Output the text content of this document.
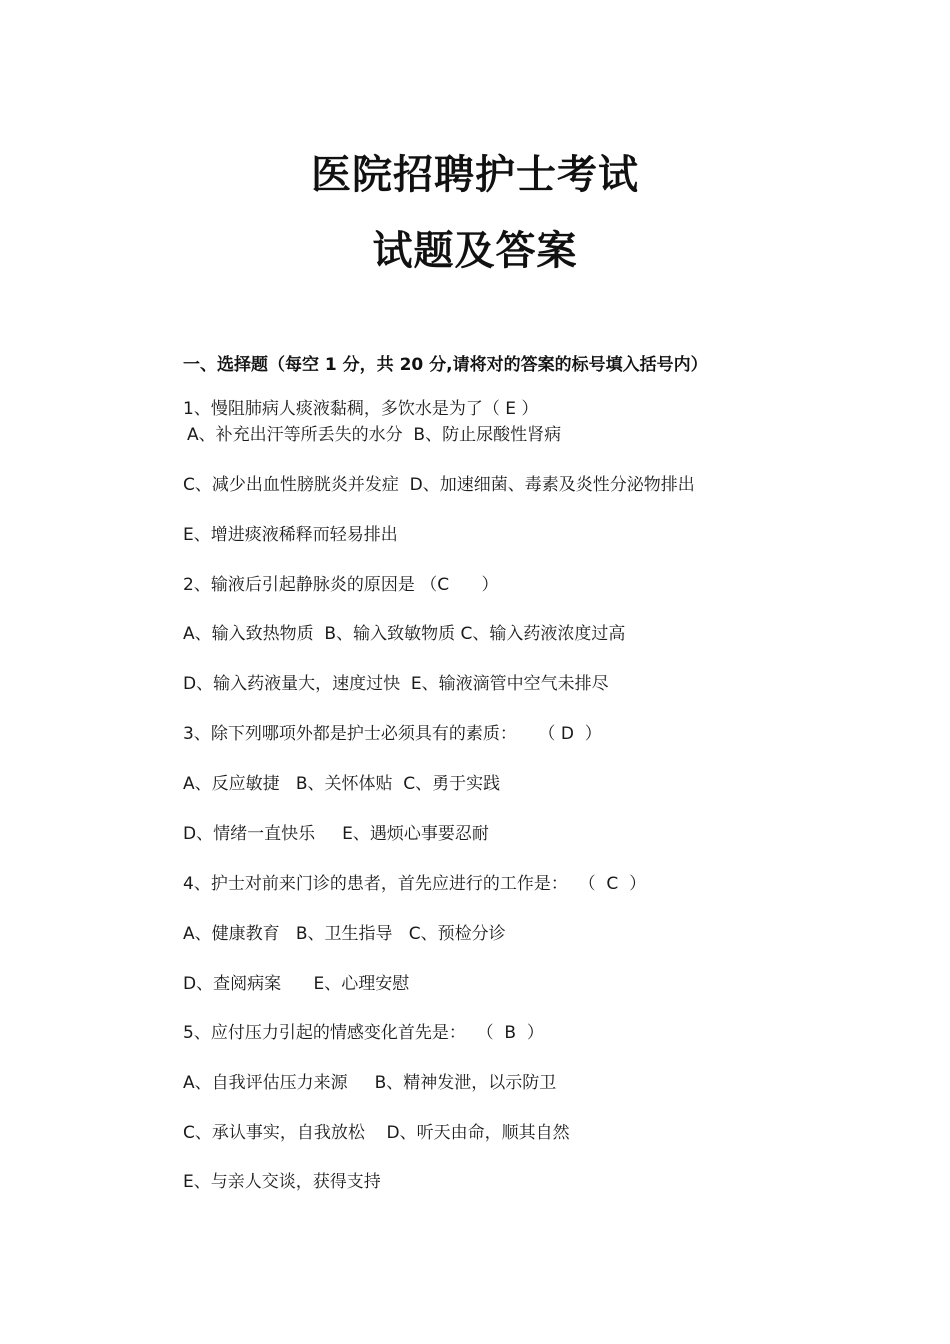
医院招聘护士考试
试题及答案
一、选择题（每空 1 分，共 20 分,请将对的答案的标号填入括号内）
1、慢阻肺病人痰液黏稠，多饮水是为了（ E ）
A、补充出汗等所丢失的水分  B、防止尿酸性肾病
C、减少出血性膀胱炎并发症  D、加速细菌、毒素及炎性分泌物排出
E、增进痰液稀释而轻易排出
2、输液后引起静脉炎的原因是 （C      ）
A、输入致热物质  B、输入致敏物质 C、输入药液浓度过高
D、输入药液量大，速度过快  E、输液滴管中空气未排尽
3、除下列哪项外都是护士必须具有的素质：    （ D  ）
A、反应敏捷   B、关怀体贴  C、勇于实践
D、情绪一直快乐     E、遇烦心事要忍耐
4、护士对前来门诊的患者，首先应进行的工作是：  （  C  ）
A、健康教育   B、卫生指导   C、预检分诊
D、查阅病案      E、心理安慰
5、应付压力引起的情感变化首先是：  （  B  ）
A、自我评估压力来源     B、精神发泄，以示防卫
C、承认事实，自我放松    D、听天由命，顺其自然
E、与亲人交谈，获得支持
